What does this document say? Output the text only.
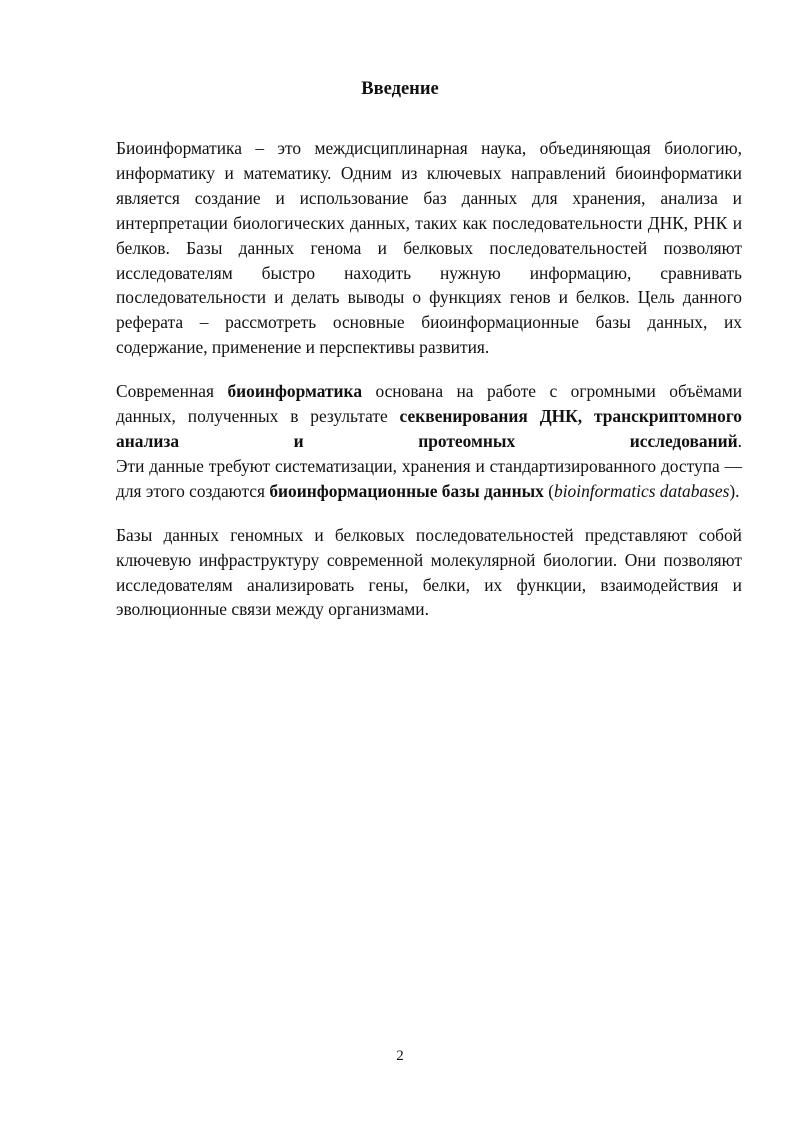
Введение

Биоинформатика – это междисциплинарная наука, объединяющая биологию, информатику и математику. Одним из ключевых направлений биоинформатики является создание и использование баз данных для хранения, анализа и интерпретации биологических данных, таких как последовательности ДНК, РНК и белков. Базы данных генома и белковых последовательностей позволяют исследователям быстро находить нужную информацию, сравнивать последовательности и делать выводы о функциях генов и белков. Цель данного реферата – рассмотреть основные биоинформационные базы данных, их содержание, применение и перспективы развития.

Современная биоинформатика основана на работе с огромными объёмами данных, полученных в результате секвенирования ДНК, транскриптомного анализа и протеомных исследований.
Эти данные требуют систематизации, хранения и стандартизированного доступа — для этого создаются биоинформационные базы данных (bioinformatics databases).

Базы данных геномных и белковых последовательностей представляют собой ключевую инфраструктуру современной молекулярной биологии. Они позволяют исследователям анализировать гены, белки, их функции, взаимодействия и эволюционные связи между организмами.

2
